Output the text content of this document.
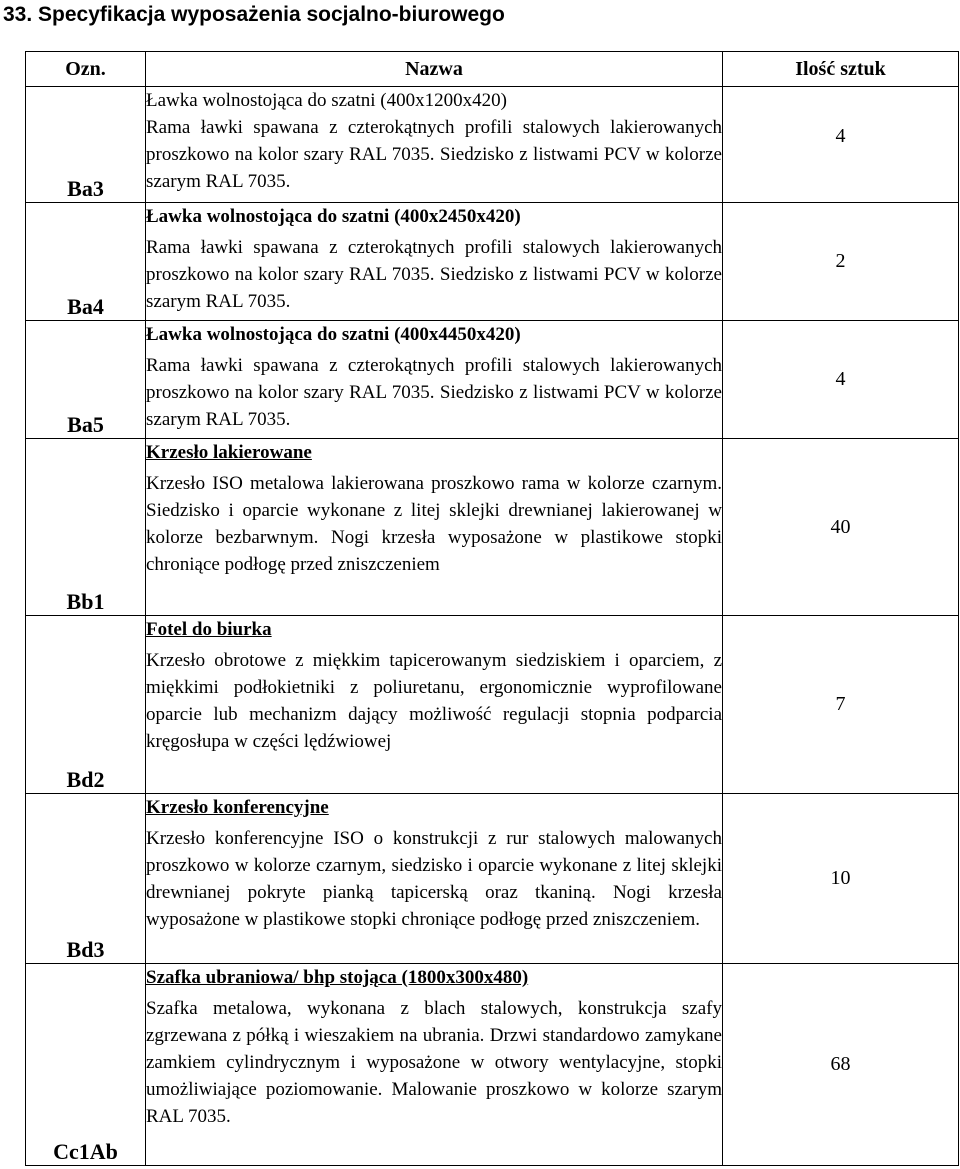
33. Specyfikacja wyposażenia socjalno-biurowego
Ozn.	Nazwa	Ilość sztuk
Ba3	Ławka wolnostojąca do szatni (400x1200x420)
Rama ławki spawana z czterokątnych profili stalowych lakierowanych proszkowo na kolor szary RAL 7035. Siedzisko z listwami PCV w kolorze szarym RAL 7035.	4
Ba4	Ławka wolnostojąca do szatni (400x2450x420)
Rama ławki spawana z czterokątnych profili stalowych lakierowanych proszkowo na kolor szary RAL 7035. Siedzisko z listwami PCV w kolorze szarym RAL 7035.	2
Ba5	Ławka wolnostojąca do szatni (400x4450x420)
Rama ławki spawana z czterokątnych profili stalowych lakierowanych proszkowo na kolor szary RAL 7035. Siedzisko z listwami PCV w kolorze szarym RAL 7035.	4
Bb1	Krzesło lakierowane
Krzesło ISO metalowa lakierowana proszkowo rama w kolorze czarnym. Siedzisko i oparcie wykonane z litej sklejki drewnianej lakierowanej w kolorze bezbarwnym. Nogi krzesła wyposażone w plastikowe stopki chroniące podłogę przed zniszczeniem	40
Bd2	Fotel do biurka
Krzesło obrotowe z miękkim tapicerowanym siedziskiem i oparciem, z miękkimi podłokietniki z poliuretanu, ergonomicznie wyprofilowane oparcie lub mechanizm dający możliwość regulacji stopnia podparcia kręgosłupa w części lędźwiowej	7
Bd3	Krzesło konferencyjne
Krzesło konferencyjne ISO o konstrukcji z rur stalowych malowanych proszkowo w kolorze czarnym, siedzisko i oparcie wykonane z litej sklejki drewnianej pokryte pianką tapicerską oraz tkaniną. Nogi krzesła wyposażone w plastikowe stopki chroniące podłogę przed zniszczeniem.	10
Cc1Ab	Szafka ubraniowa/ bhp stojąca (1800x300x480)
Szafka metalowa, wykonana z blach stalowych, konstrukcja szafy zgrzewana z półką i wieszakiem na ubrania. Drzwi standardowo zamykane zamkiem cylindrycznym i wyposażone w otwory wentylacyjne, stopki umożliwiające poziomowanie. Malowanie proszkowo w kolorze szarym RAL 7035.	68
